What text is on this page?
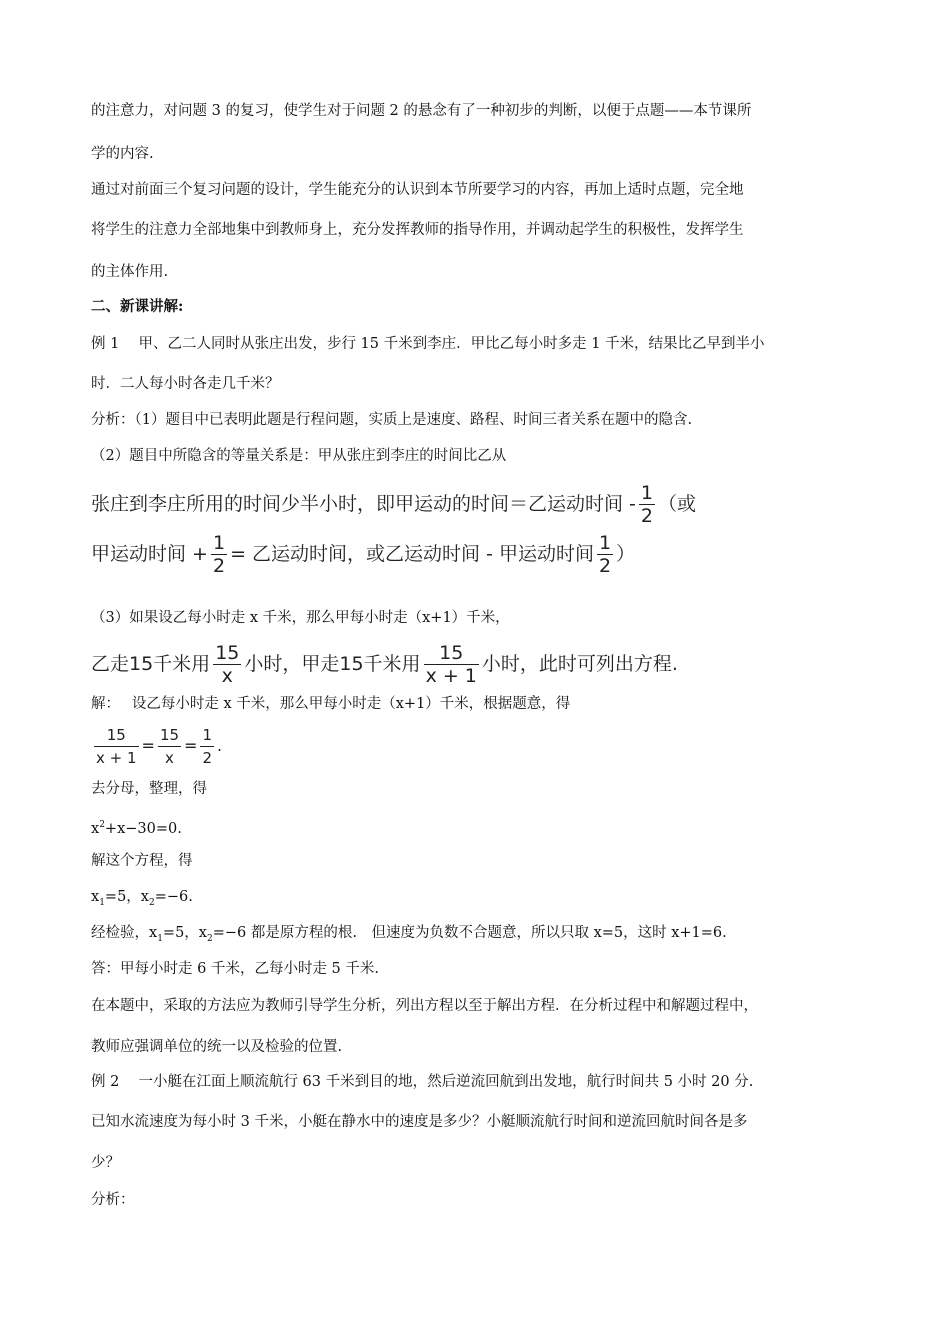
的注意力，对问题 3 的复习，使学生对于问题 2 的悬念有了一种初步的判断，以便于点题——本节课所
学的内容.
通过对前面三个复习问题的设计，学生能充分的认识到本节所要学习的内容，再加上适时点题，完全地
将学生的注意力全部地集中到教师身上，充分发挥教师的指导作用，并调动起学生的积极性，发挥学生
的主体作用.
二、新课讲解:
例 1　 甲、乙二人同时从张庄出发，步行 15 千米到李庄．甲比乙每小时多走 1 千米，结果比乙早到半小
时．二人每小时各走几千米？
分析：（1）题目中已表明此题是行程问题，实质上是速度、路程、时间三者关系在题中的隐含.
（2）题目中所隐含的等量关系是：甲从张庄到李庄的时间比乙从
张庄到李庄所用的时间少半小时，即甲运动的时间＝乙运动时间 - $\frac{1}{2}$ （或
甲运动时间 + $\frac{1}{2}$ = 乙运动时间，或乙运动时间 - 甲运动时间 $\frac{1}{2}$ ）
（3）如果设乙每小时走 x 千米，那么甲每小时走（x+1）千米，
乙走15千米用 $\frac{15}{x}$ 小时，甲走15千米用 $\frac{15}{x + 1}$ 小时，此时可列出方程.
解：　 设乙每小时走 x 千米，那么甲每小时走（x+1）千米，根据题意，得
$\frac{15}{x + 1} = \frac{15}{x} = \frac{1}{2}$ .
去分母，整理，得
$x^2+x-30=0$.
解这个方程，得
$x_1=5$，$x_2=-6$.
经检验，$x_1=5$，$x_2=-6$ 都是原方程的根.　但速度为负数不合题意，所以只取 x=5，这时 x+1=6.
答：甲每小时走 6 千米，乙每小时走 5 千米.
在本题中，采取的方法应为教师引导学生分析，列出方程以至于解出方程．在分析过程中和解题过程中，
教师应强调单位的统一以及检验的位置.
例 2　 一小艇在江面上顺流航行 63 千米到目的地，然后逆流回航到出发地，航行时间共 5 小时 20 分.
已知水流速度为每小时 3 千米，小艇在静水中的速度是多少？小艇顺流航行时间和逆流回航时间各是多
少？
分析：
